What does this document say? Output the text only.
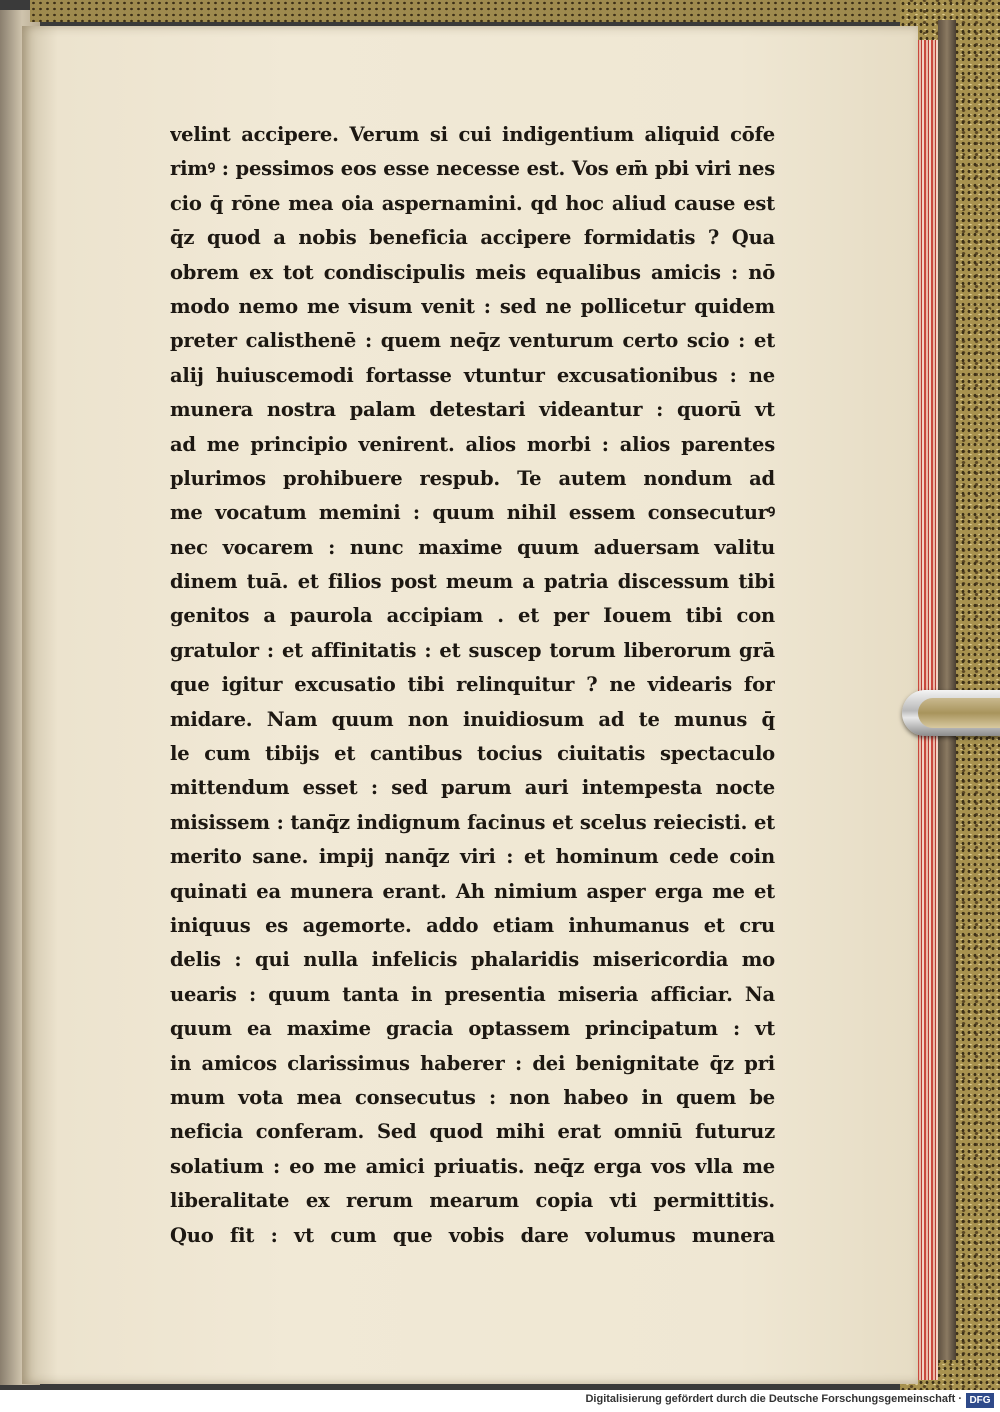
velint accipere. Verum si cui indigentium aliquid cōfe
rimꝰ : pessimos eos esse necesse est. Vos em̄ pbi viri nes
cio q̄ rōne mea oia aspernamini. qd hoc aliud cause est
q̄z quod a nobis beneficia accipere formidatis ? Qua
obrem ex tot condiscipulis meis equalibus amicis : nō
modo nemo me visum venit : sed ne pollicetur quidem
preter calisthenē : quem neq̄z venturum certo scio : et
alij huiuscemodi fortasse vtuntur excusationibus : ne
munera nostra palam detestari videantur : quorū vt
ad me principio venirent. alios morbi : alios parentes
plurimos prohibuere respub. Te autem nondum ad
me vocatum memini : quum nihil essem consecuturꝰ
nec vocarem : nunc maxime quum aduersam valitu
dinem tuā. et filios post meum a patria discessum tibi
genitos a paurola accipiam . et per Iouem tibi con
gratulor : et affinitatis : et suscep torum liberorum grā
que igitur excusatio tibi relinquitur ? ne videaris for
midare. Nam quum non inuidiosum ad te munus q̄
le cum tibijs et cantibus tocius ciuitatis spectaculo
mittendum esset : sed parum auri intempesta nocte
misissem : tanq̄z indignum facinus et scelus reiecisti. et
merito sane. impij nanq̄z viri : et hominum cede coin
quinati ea munera erant. Ah nimium asper erga me et
iniquus es agemorte. addo etiam inhumanus et cru
delis : qui nulla infelicis phalaridis misericordia mo
uearis : quum tanta in presentia miseria afficiar. Na
quum ea maxime gracia optassem principatum : vt
in amicos clarissimus haberer : dei benignitate q̄z pri
mum vota mea consecutus : non habeo in quem be
neficia conferam. Sed quod mihi erat omniū futuruz
solatium : eo me amici priuatis. neq̄z erga vos vlla me
liberalitate ex rerum mearum copia vti permittitis.
Quo fit : vt cum que vobis dare volumus munera
Digitalisierung gefördert durch die Deutsche Forschungsgemeinschaft · DFG
